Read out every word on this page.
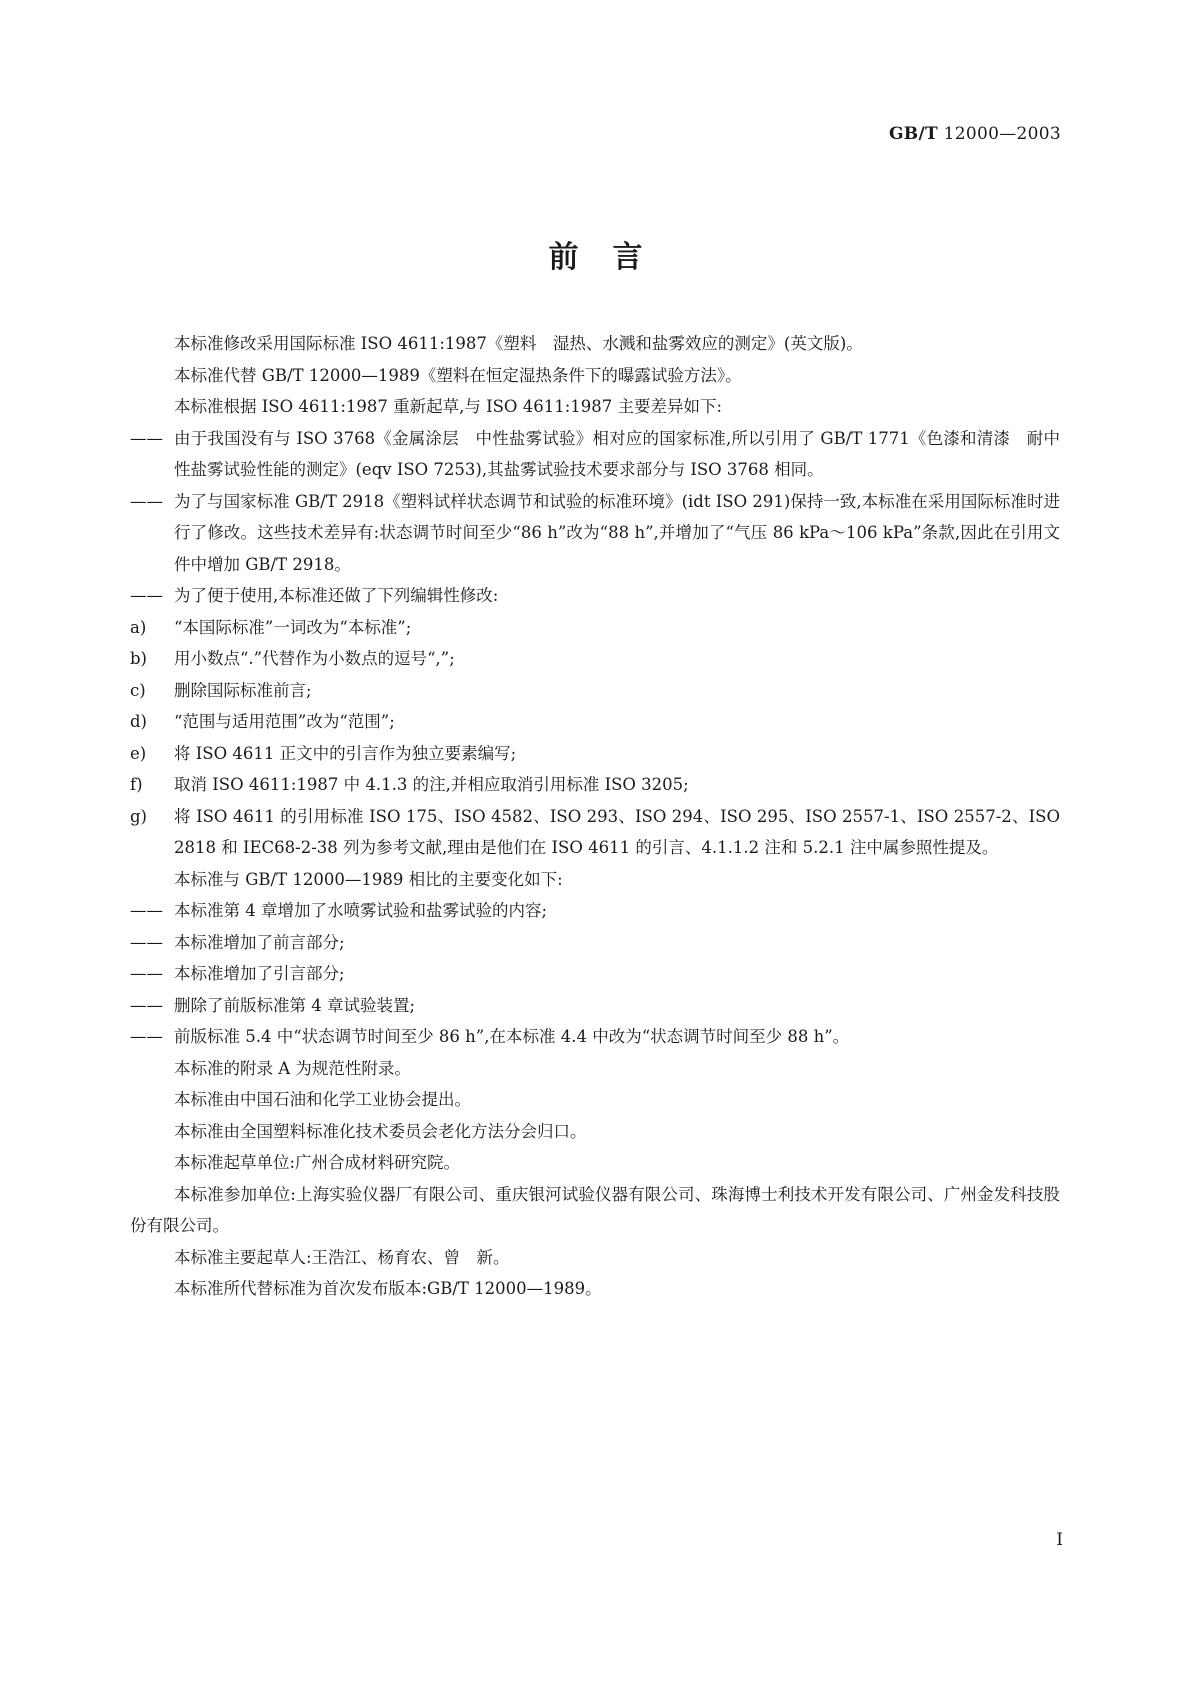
GB/T 12000—2003
前言

本标准修改采用国际标准 ISO 4611:1987《塑料　湿热、水溅和盐雾效应的测定》(英文版)。

本标准代替 GB/T 12000—1989《塑料在恒定湿热条件下的曝露试验方法》。

本标准根据 ISO 4611:1987 重新起草,与 ISO 4611:1987 主要差异如下:

—— 由于我国没有与 ISO 3768《金属涂层　中性盐雾试验》相对应的国家标准,所以引用了 GB/T 1771《色漆和清漆　耐中性盐雾试验性能的测定》(eqv ISO 7253),其盐雾试验技术要求部分与 ISO 3768 相同。
—— 为了与国家标准 GB/T 2918《塑料试样状态调节和试验的标准环境》(idt ISO 291)保持一致,本标准在采用国际标准时进行了修改。这些技术差异有:状态调节时间至少“86 h”改为“88 h”,并增加了“气压 86 kPa～106 kPa”条款,因此在引用文件中增加 GB/T 2918。
—— 为了便于使用,本标准还做了下列编辑性修改:
a)	“本国际标准”一词改为“本标准”;
b)	用小数点“.”代替作为小数点的逗号“,”;
c)	删除国际标准前言;
d)	“范围与适用范围”改为“范围”;
e)	将 ISO 4611 正文中的引言作为独立要素编写;
f)	取消 ISO 4611:1987 中 4.1.3 的注,并相应取消引用标准 ISO 3205;
g)	将 ISO 4611 的引用标准 ISO 175、ISO 4582、ISO 293、ISO 294、ISO 295、ISO 2557-1、ISO 2557-2、ISO 2818 和 IEC68-2-38 列为参考文献,理由是他们在 ISO 4611 的引言、4.1.1.2 注和 5.2.1 注中属参照性提及。

本标准与 GB/T 12000—1989 相比的主要变化如下:

—— 本标准第 4 章增加了水喷雾试验和盐雾试验的内容;
—— 本标准增加了前言部分;
—— 本标准增加了引言部分;
—— 删除了前版标准第 4 章试验装置;
—— 前版标准 5.4 中“状态调节时间至少 86 h”,在本标准 4.4 中改为“状态调节时间至少 88 h”。

本标准的附录 A 为规范性附录。

本标准由中国石油和化学工业协会提出。

本标准由全国塑料标准化技术委员会老化方法分会归口。

本标准起草单位:广州合成材料研究院。

本标准参加单位:上海实验仪器厂有限公司、重庆银河试验仪器有限公司、珠海博士利技术开发有限公司、广州金发科技股份有限公司。

本标准主要起草人:王浩江、杨育农、曾　新。

本标准所代替标准为首次发布版本:GB/T 12000—1989。

I
